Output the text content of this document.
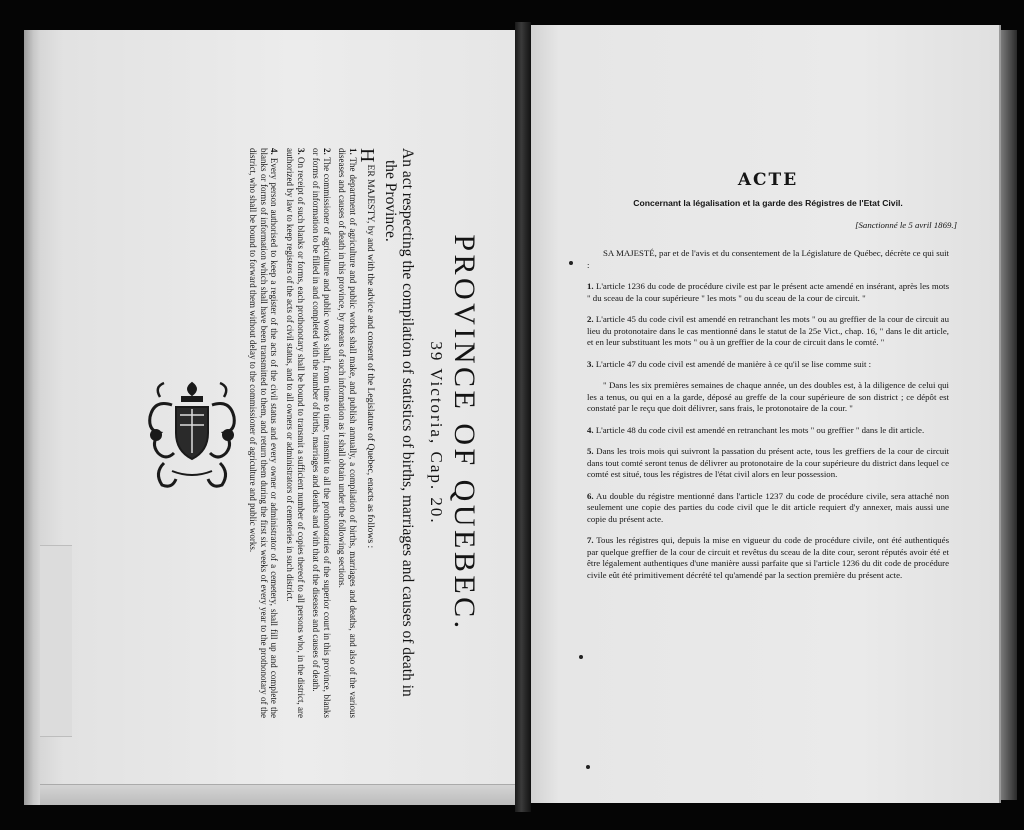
PROVINCE OF QUEBEC.

39 Victoria, Cap. 20.

An act respecting the compilation of statistics of births, marriages and causes of death in the Province.

H
ER MAJESTY, by and with the advice and consent of the Legislature of Quebec, enacts as follows :

1. The department of agriculture and public works shall make, and publish annually, a compilation of births, marriages and deaths, and also of the various diseases and causes of death in this province, by means of such information as it shall obtain under the following sections.

2. The commissioner of agriculture and public works shall, from time to time, transmit to all the prothonotaries of the superior court in this province, blanks or forms of information to be filled in and completed with the number of births, marriages and deaths and with that of the diseases and causes of death.

3. On receipt of such blanks or forms, each prothonotary shall be bound to transmit a sufficient number of copies thereof to all persons who, in the district, are authorized by law to keep registers of the acts of civil status, and to all owners or administrators of cemeteries in such district.

4. Every person authorised to keep a register of the acts of the civil status and every owner or administrator of a cemetery, shall fill up and complete the blanks or forms of information which shall have been transmitted to them, and return them during the first six weeks of every year to the prothonotary of the district, who shall be bound to forward them without delay to the commissioner of agriculture and public works.	ACTE

Concernant la légalisation et la garde des Régistres de l'Etat Civil.

[Sanctionné le 5 avril 1869.]

SA MAJESTÉ, par et de l'avis et du consentement de la Législature de Québec, décrète ce qui suit :

1. L'article 1236 du code de procédure civile est par le présent acte amendé en insérant, après les mots " du sceau de la cour supérieure " les mots " ou du sceau de la cour de circuit. "

2. L'article 45 du code civil est amendé en retranchant les mots " ou au greffier de la cour de circuit au lieu du protonotaire dans le cas mentionné dans le statut de la 25e Vict., chap. 16, " dans le dit article, et en leur substituant les mots " ou à un greffier de la cour de circuit dans le comté. "

3. L'article 47 du code civil est amendé de manière à ce qu'il se lise comme suit :

" Dans les six premières semaines de chaque année, un des doubles est, à la diligence de celui qui les a tenus, ou qui en a la garde, déposé au greffe de la cour supérieure de son district ; ce dépôt est constaté par le reçu que doit délivrer, sans frais, le protonotaire de la cour. "

4. L'article 48 du code civil est amendé en retranchant les mots " ou greffier " dans le dit article.

5. Dans les trois mois qui suivront la passation du présent acte, tous les greffiers de la cour de circuit dans tout comté seront tenus de délivrer au protonotaire de la cour supérieure du district dans lequel ce comté est situé, tous les régistres de l'état civil alors en leur possession.

6. Au double du régistre mentionné dans l'article 1237 du code de procédure civile, sera attaché non seulement une copie des parties du code civil que le dit article requiert d'y annexer, mais aussi une copie du présent acte.

7. Tous les régistres qui, depuis la mise en vigueur du code de procédure civile, ont été authentiqués par quelque greffier de la cour de circuit et revêtus du sceau de la dite cour, seront réputés avoir été et être légalement authentiques d'une manière aussi parfaite que si l'article 1236 du dit code de procédure civile eût été primitivement décrété tel qu'amendé par la section première du présent acte.
